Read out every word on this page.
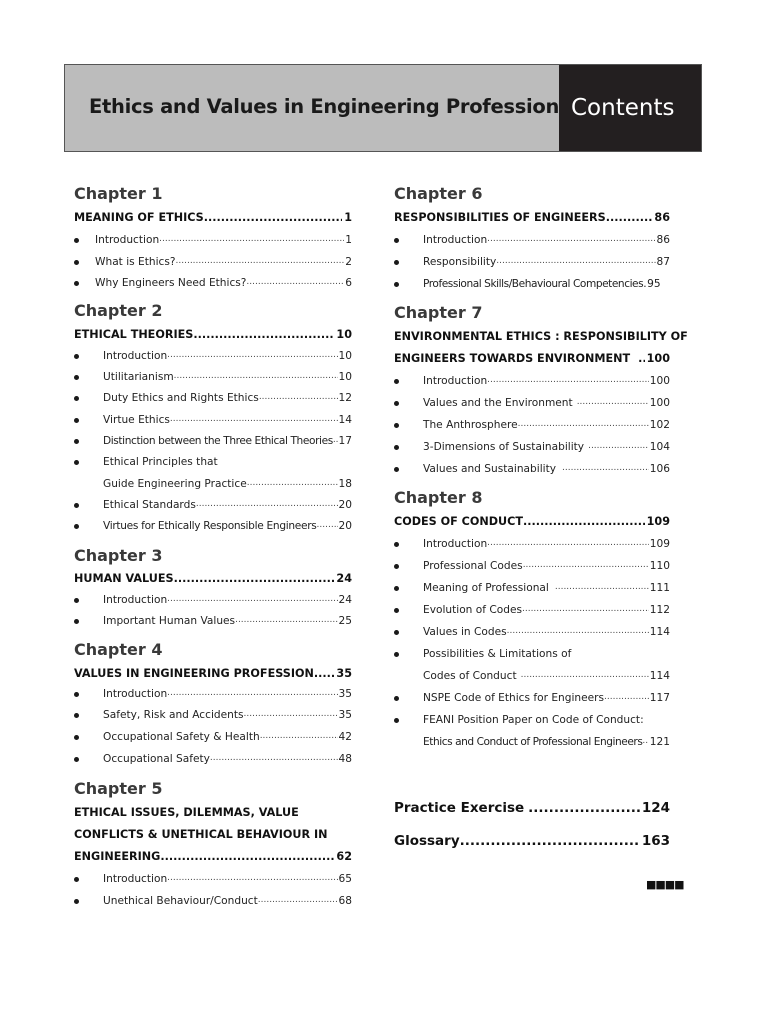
Ethics and Values in Engineering Profession Contents
Chapter 1
MEANING OF ETHICS .....	1
Introduction .....	1
What is Ethics? .....	2
Why Engineers Need Ethics? .....	6
Chapter 2
ETHICAL THEORIES .....	10
Introduction .....	10
Utilitarianism .....	10
Duty Ethics and Rights Ethics .....	12
Virtue Ethics .....	14
Distinction between the Three Ethical Theories ..... 17
Ethical Principles that
Guide Engineering Practice .....	18
Ethical Standards .....	20
Virtues for Ethically Responsible Engineers ..... 20
Chapter 3
HUMAN VALUES .....	24
Introduction .....	24
Important Human Values .....	25
Chapter 4
VALUES IN ENGINEERING PROFESSION ..... 35
Introduction .....	35
Safety, Risk and Accidents .....	35
Occupational Safety & Health .....	42
Occupational Safety .....	48
Chapter 5
ETHICAL ISSUES, DILEMMAS, VALUE
CONFLICTS & UNETHICAL BEHAVIOUR IN
ENGINEERING .....	62
Introduction .....	65
Unethical Behaviour/Conduct .....	68
Chapter 6
RESPONSIBILITIES OF ENGINEERS .....	86
Introduction .....	86
Responsibility .....	87
Professional Skills/Behavioural Competencies. 95
Chapter 7
ENVIRONMENTAL ETHICS : RESPONSIBILITY OF
ENGINEERS TOWARDS ENVIRONMENT ..... 100
Introduction .....	100
Values and the Environment .....	100
The Anthrosphere .....	102
3-Dimensions of Sustainability .....	104
Values and Sustainability .....	106
Chapter 8
CODES OF CONDUCT .....	109
Introduction .....	109
Professional Codes .....	110
Meaning of Professional .....	111
Evolution of Codes .....	112
Values in Codes .....	114
Possibilities & Limitations of
Codes of Conduct .....	114
NSPE Code of Ethics for Engineers .....	117
FEANI Position Paper on Code of Conduct:
Ethics and Conduct of Professional Engineers ..... 121
Practice Exercise .....	124
Glossary .....	163
■■■■
